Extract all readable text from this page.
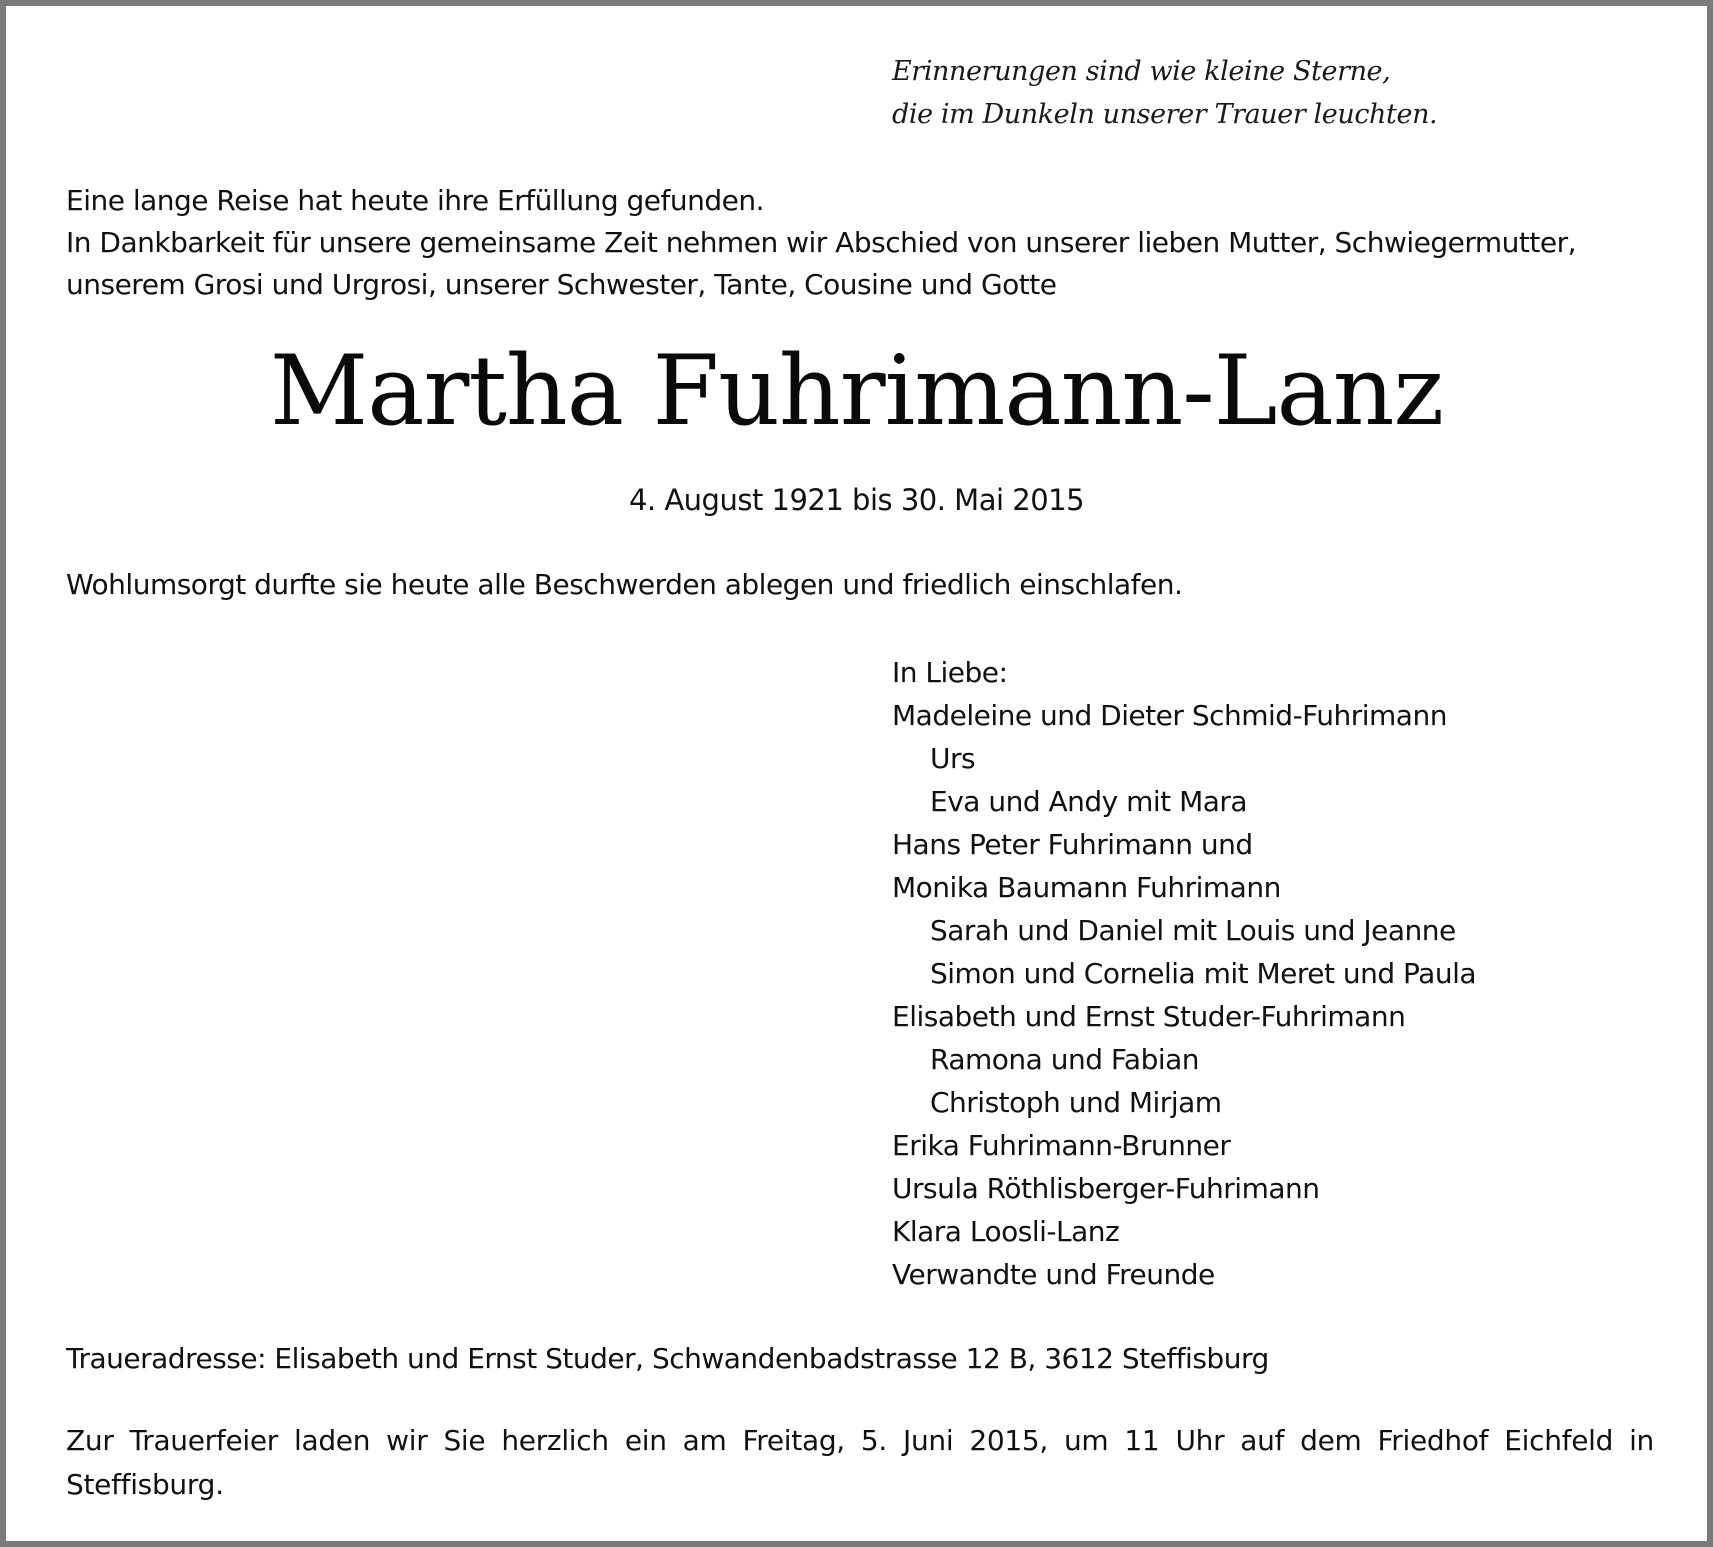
Erinnerungen sind wie kleine Sterne,
die im Dunkeln unserer Trauer leuchten.
Eine lange Reise hat heute ihre Erfüllung gefunden.
In Dankbarkeit für unsere gemeinsame Zeit nehmen wir Abschied von unserer lieben Mutter, Schwiegermutter,
unserem Grosi und Urgrosi, unserer Schwester, Tante, Cousine und Gotte
Martha Fuhrimann-Lanz
4. August 1921 bis 30. Mai 2015
Wohlumsorgt durfte sie heute alle Beschwerden ablegen und friedlich einschlafen.
In Liebe:
Madeleine und Dieter Schmid-Fuhrimann
Urs
Eva und Andy mit Mara
Hans Peter Fuhrimann und
Monika Baumann Fuhrimann
Sarah und Daniel mit Louis und Jeanne
Simon und Cornelia mit Meret und Paula
Elisabeth und Ernst Studer-Fuhrimann
Ramona und Fabian
Christoph und Mirjam
Erika Fuhrimann-Brunner
Ursula Röthlisberger-Fuhrimann
Klara Loosli-Lanz
Verwandte und Freunde
Traueradresse: Elisabeth und Ernst Studer, Schwandenbadstrasse 12 B, 3612 Steffisburg
Zur Trauerfeier laden wir Sie herzlich ein am Freitag, 5. Juni 2015, um 11 Uhr auf dem Friedhof Eichfeld in Steffisburg.
